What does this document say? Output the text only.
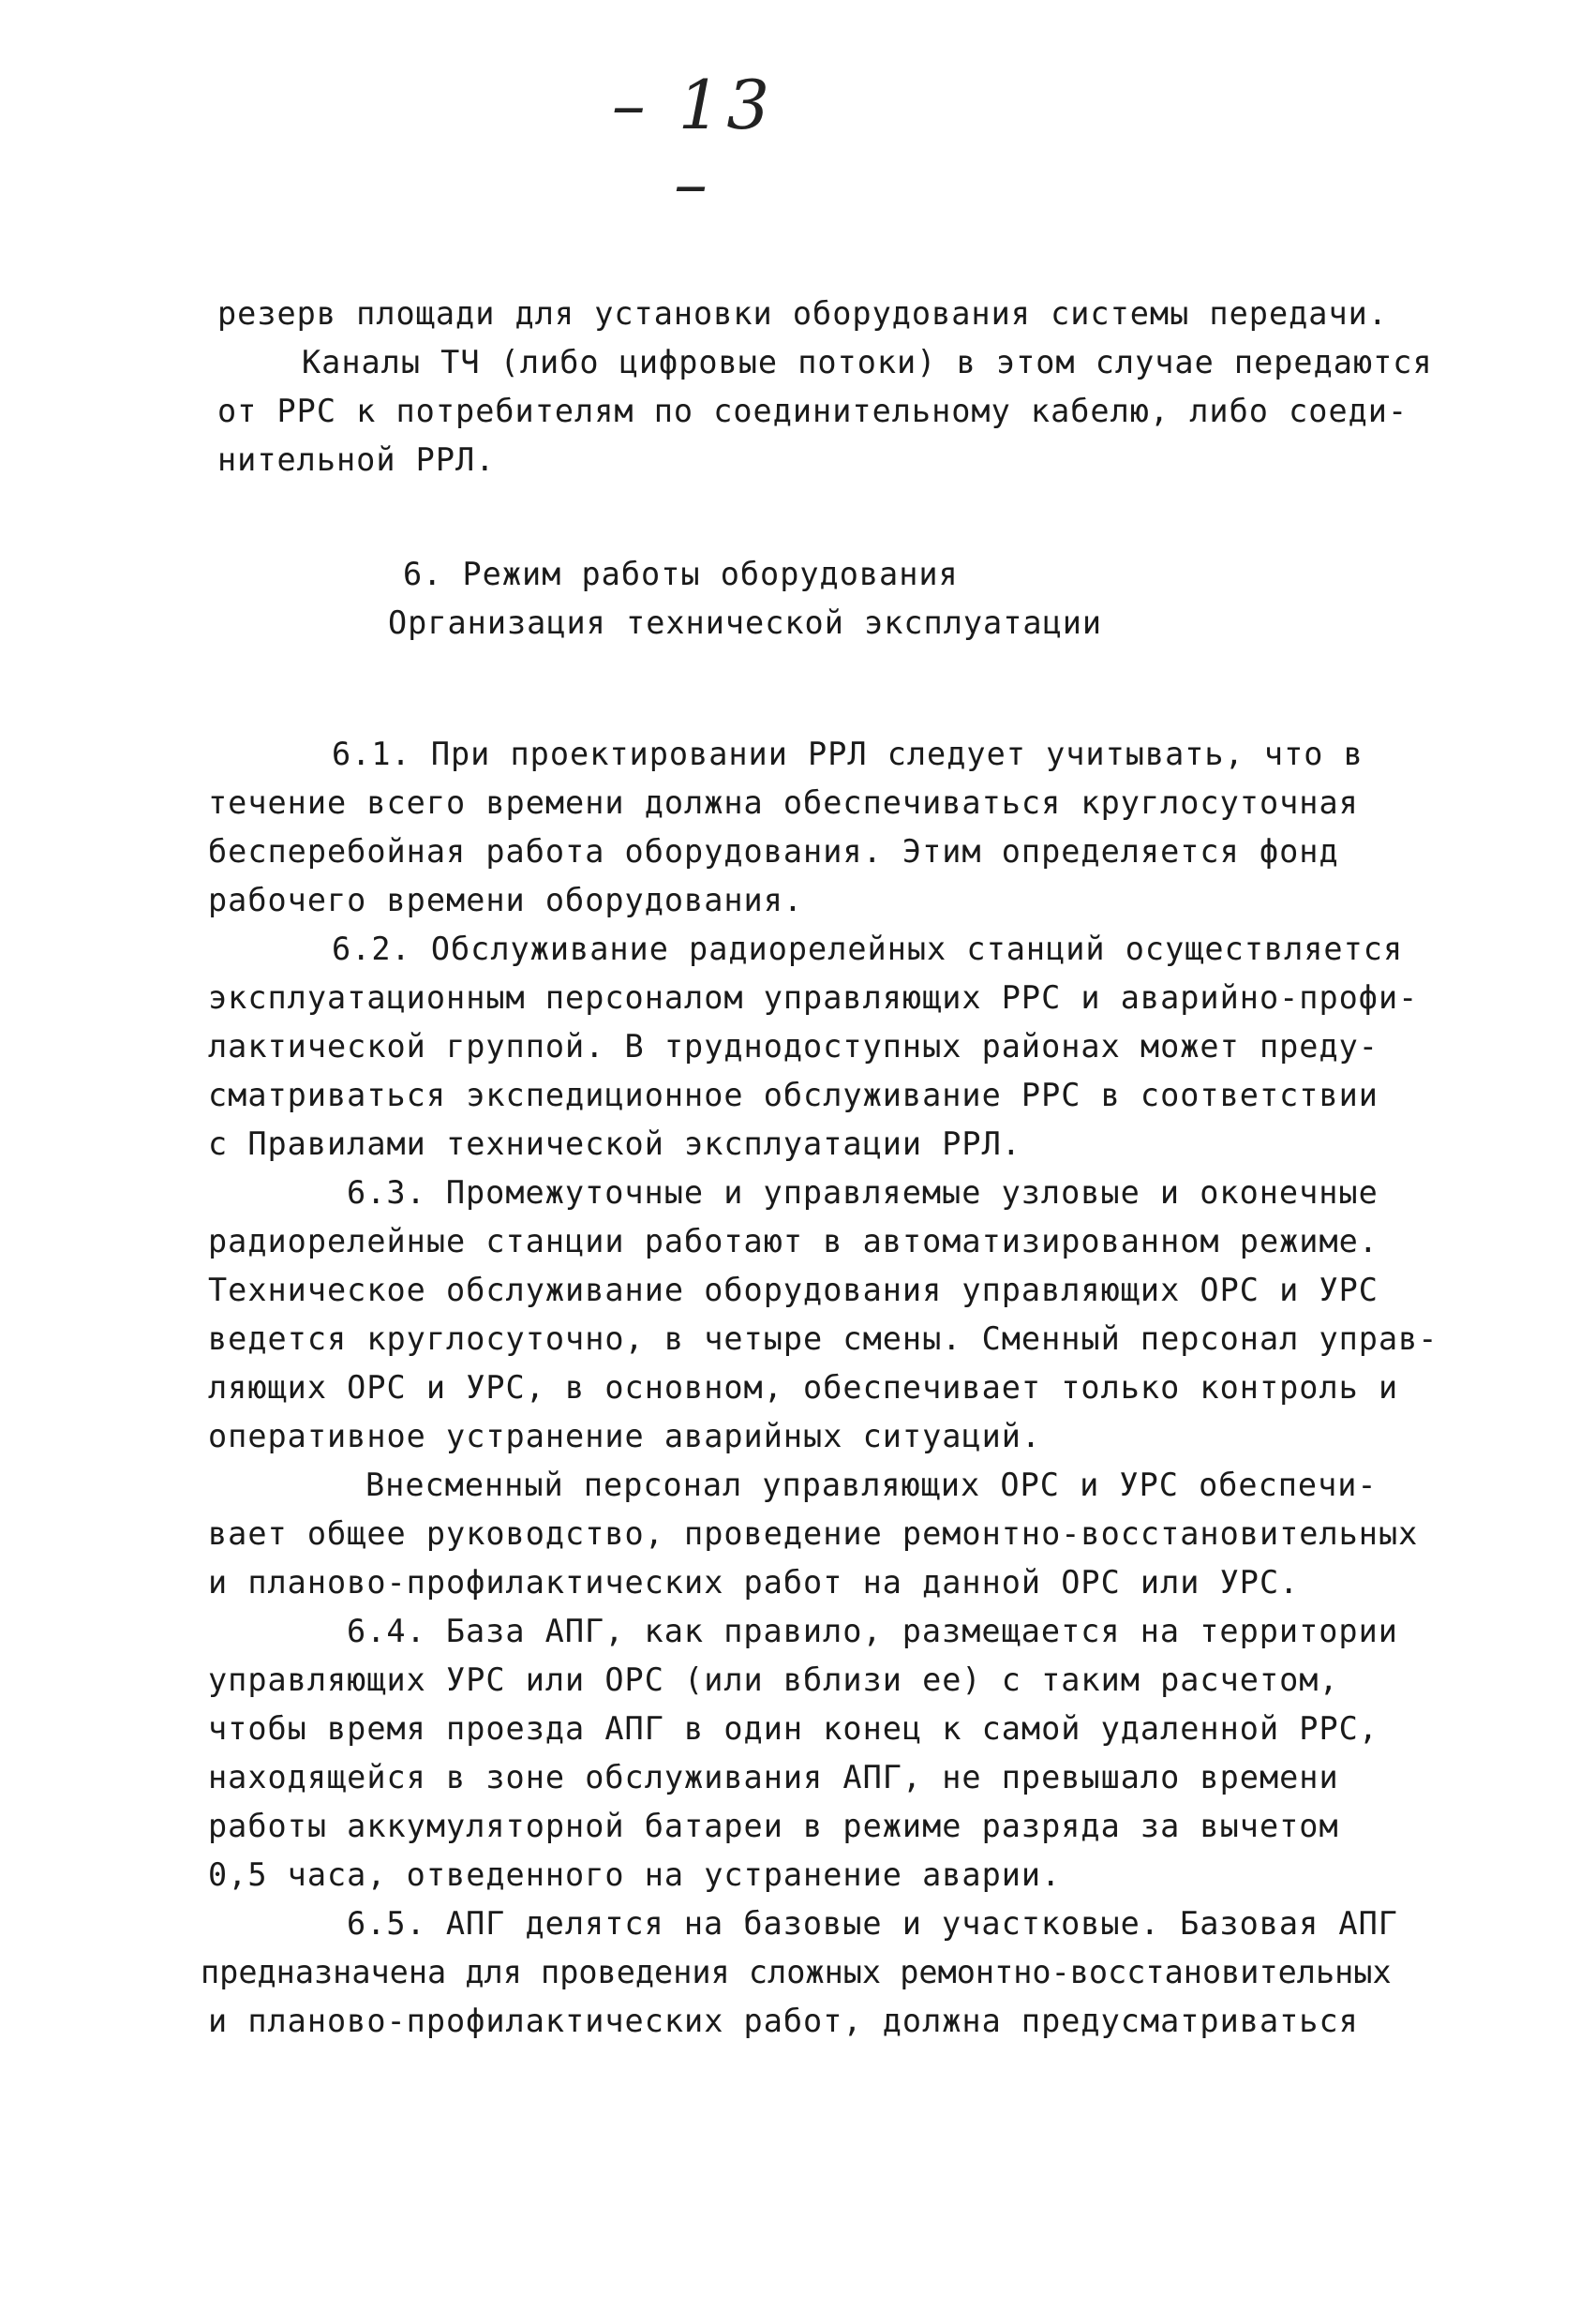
– 13 –
резерв площади для установки оборудования системы передачи.
Каналы ТЧ (либо цифровые потоки) в этом случае передаются
от РРС к потребителям по соединительному кабелю, либо соеди-
нительной РРЛ.
6. Режим работы оборудования
Организация технической эксплуатации
6.1. При проектировании РРЛ следует учитывать, что в
течение всего времени должна обеспечиваться круглосуточная
бесперебойная работа оборудования. Этим определяется фонд
рабочего времени оборудования.
6.2. Обслуживание радиорелейных станций осуществляется
эксплуатационным персоналом управляющих РРС и аварийно-профи-
лактической группой. В труднодоступных районах может преду-
сматриваться экспедиционное обслуживание РРС в соответствии
с Правилами технической эксплуатации РРЛ.
6.3. Промежуточные и управляемые узловые и оконечные
радиорелейные станции работают в автоматизированном режиме.
Техническое обслуживание оборудования управляющих ОРС и УРС
ведется круглосуточно, в четыре смены. Сменный персонал управ-
ляющих ОРС и УРС, в основном, обеспечивает только контроль и
оперативное устранение аварийных ситуаций.
Внесменный персонал управляющих ОРС и УРС обеспечи-
вает общее руководство, проведение ремонтно-восстановительных
и планово-профилактических работ на данной ОРС или УРС.
6.4. База АПГ, как правило, размещается на территории
управляющих УРС или ОРС (или вблизи ее) с таким расчетом,
чтобы время проезда АПГ в один конец к самой удаленной РРС,
находящейся в зоне обслуживания АПГ, не превышало времени
работы аккумуляторной батареи в режиме разряда за вычетом
0,5 часа, отведенного на устранение аварии.
6.5. АПГ делятся на базовые и участковые. Базовая АПГ
предназначена для проведения сложных ремонтно-восстановительных
и планово-профилактических работ, должна предусматриваться
